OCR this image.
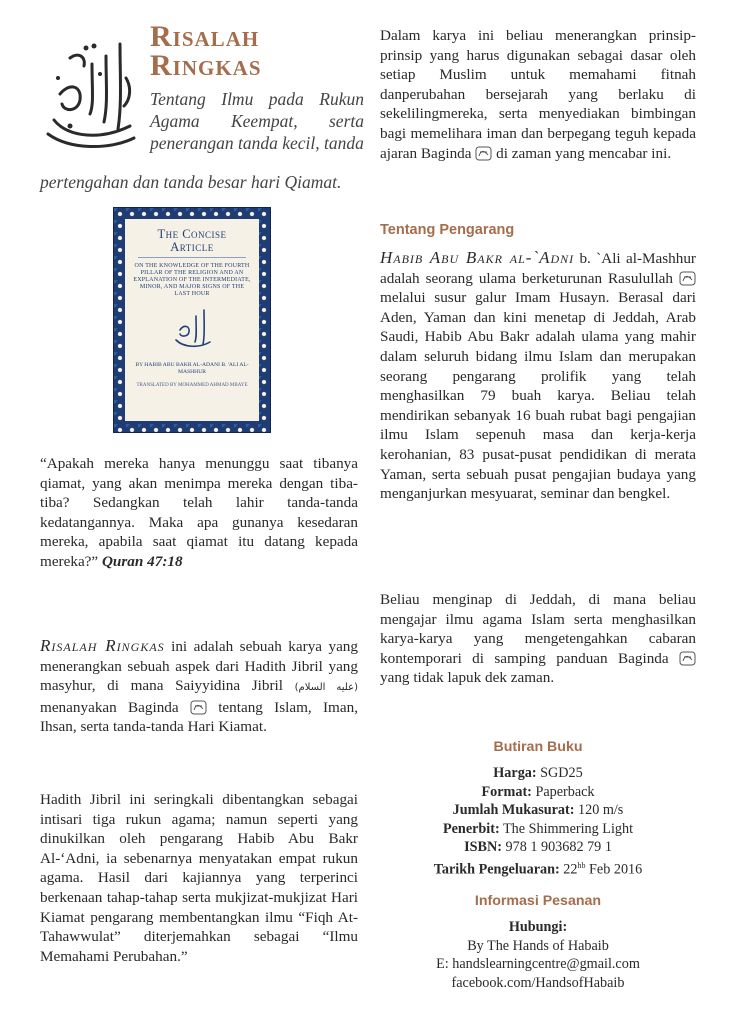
Risalah
Ringkas
Tentang Ilmu pada Rukun Agama Keempat, serta penerangan tanda kecil, tanda
pertengahan dan tanda besar hari Qiamat.
The Concise Article
ON THE KNOWLEDGE OF THE FOURTH PILLAR OF THE RELIGION AND AN EXPLANATION OF THE INTERMEDIATE, MINOR, AND MAJOR SIGNS OF THE LAST HOUR
BY HABIB ABU BAKR AL-ADANI B. 'ALI AL-MASHHUR
TRANSLATED BY MOHAMMED AHMAD MBAYE
“Apakah mereka hanya menunggu saat tibanya qiamat, yang akan menimpa mereka dengan tiba-tiba? Sedangkan telah lahir tanda-tanda kedatangannya. Maka apa gunanya kesedaran mereka, apabila saat qiamat itu datang kepada mereka?” Quran 47:18
Risalah Ringkas ini adalah sebuah karya yang menerangkan sebuah aspek dari Hadith Jibril yang masyhur, di mana Saiyyidina Jibril (عليه السلام) menanyakan Baginda  tentang Islam, Iman, Ihsan, serta tanda-tanda Hari Kiamat.
Hadith Jibril ini seringkali dibentangkan sebagai intisari tiga rukun agama; namun seperti yang dinukilkan oleh pengarang Habib Abu Bakr Al-‘Adni, ia sebenarnya menyatakan empat rukun agama. Hasil dari kajiannya yang terperinci berkenaan tahap-tahap serta mukjizat-mukjizat Hari Kiamat pengarang membentangkan ilmu “Fiqh At-Tahawwulat” diterjemahkan sebagai “Ilmu Memahami Perubahan.”
Dalam karya ini beliau menerangkan prinsip-prinsip yang harus digunakan sebagai dasar oleh setiap Muslim untuk memahami fitnah danperubahan bersejarah yang berlaku di sekelilingmereka, serta menyediakan bimbingan bagi memelihara iman dan berpegang teguh kepada ajaran Baginda  di zaman yang mencabar ini.
Tentang Pengarang
Habib Abu Bakr al-`Adni b. `Ali al-Mashhur adalah seorang ulama berketurunan Rasulullah  melalui susur galur Imam Husayn. Berasal dari Aden, Yaman dan kini menetap di Jeddah, Arab Saudi, Habib Abu Bakr adalah ulama yang mahir dalam seluruh bidang ilmu Islam dan merupakan seorang pengarang prolifik yang telah menghasilkan 79 buah karya. Beliau telah mendirikan sebanyak 16 buah rubat bagi pengajian ilmu Islam sepenuh masa dan kerja-kerja kerohanian, 83 pusat-pusat pendidikan di merata Yaman, serta sebuah pusat pengajian budaya yang menganjurkan mesyuarat, seminar dan bengkel.
Beliau menginap di Jeddah, di mana beliau mengajar ilmu agama Islam serta menghasilkan karya-karya yang mengetengahkan cabaran kontemporari di samping panduan Baginda  yang tidak lapuk dek zaman.
Butiran Buku
Harga: SGD25
Format: Paperback
Jumlah Mukasurat: 120 m/s
Penerbit: The Shimmering Light
ISBN: 978 1 903682 79 1
Tarikh Pengeluaran: $22^{hb}$ Feb 2016
Informasi Pesanan
Hubungi:
By The Hands of Habaib
E: handslearningcentre@gmail.com
facebook.com/HandsofHabaib
